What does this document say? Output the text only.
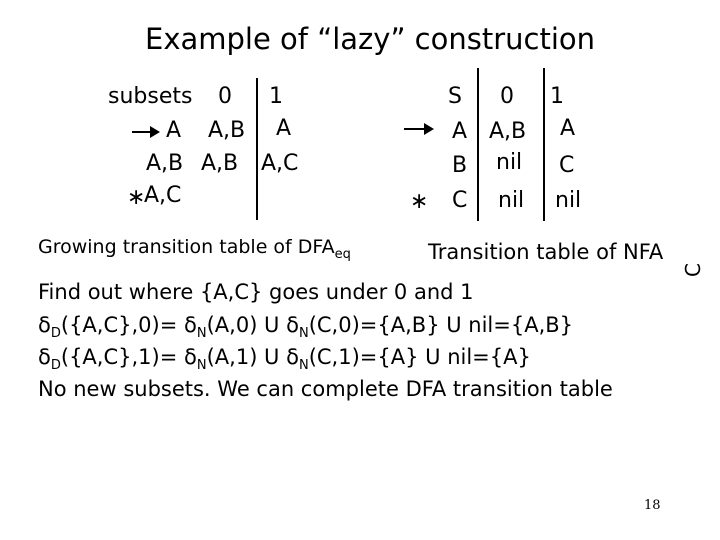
Example of “lazy” construction
subsets 0 1
A A,B A
A,B A,B A,C
∗
A,C
Growing transition table of $DFA_{eq}$
S 0 1
A A,B A
B nil C
∗ C nil nil
Transition table of NFA
C
Find out where {A,C} goes under 0 and 1
$\delta_D(\{A,C\},0)= \delta_N(A,0)$ U $\delta_N(C,0)=\{A,B\}$ U nil={A,B}
$\delta_D(\{A,C\},1)= \delta_N(A,1)$ U $\delta_N(C,1)=\{A\}$ U nil={A}
No new subsets. We can complete DFA transition table
18
